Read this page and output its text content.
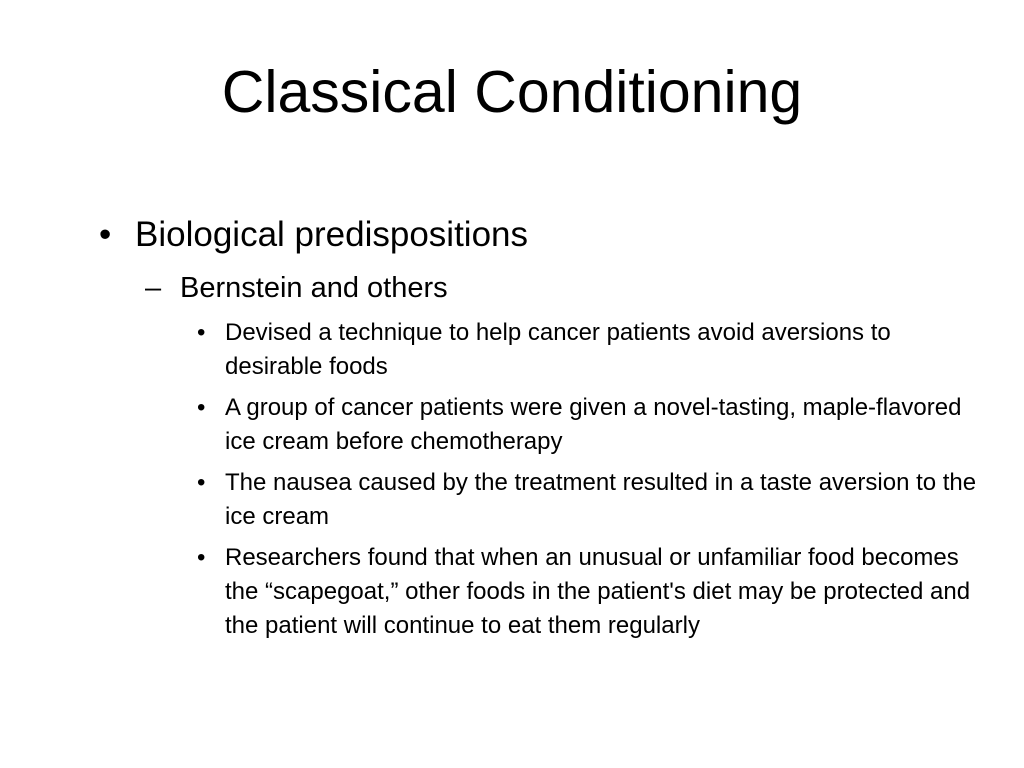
Classical Conditioning
• Biological predispositions
– Bernstein and others
• Devised a technique to help cancer patients avoid aversions to desirable foods
• A group of cancer patients were given a novel-tasting, maple-flavored ice cream before chemotherapy
• The nausea caused by the treatment resulted in a taste aversion to the ice cream
• Researchers found that when an unusual or unfamiliar food becomes the “scapegoat,” other foods in the patient's diet may be protected and the patient will continue to eat them regularly
